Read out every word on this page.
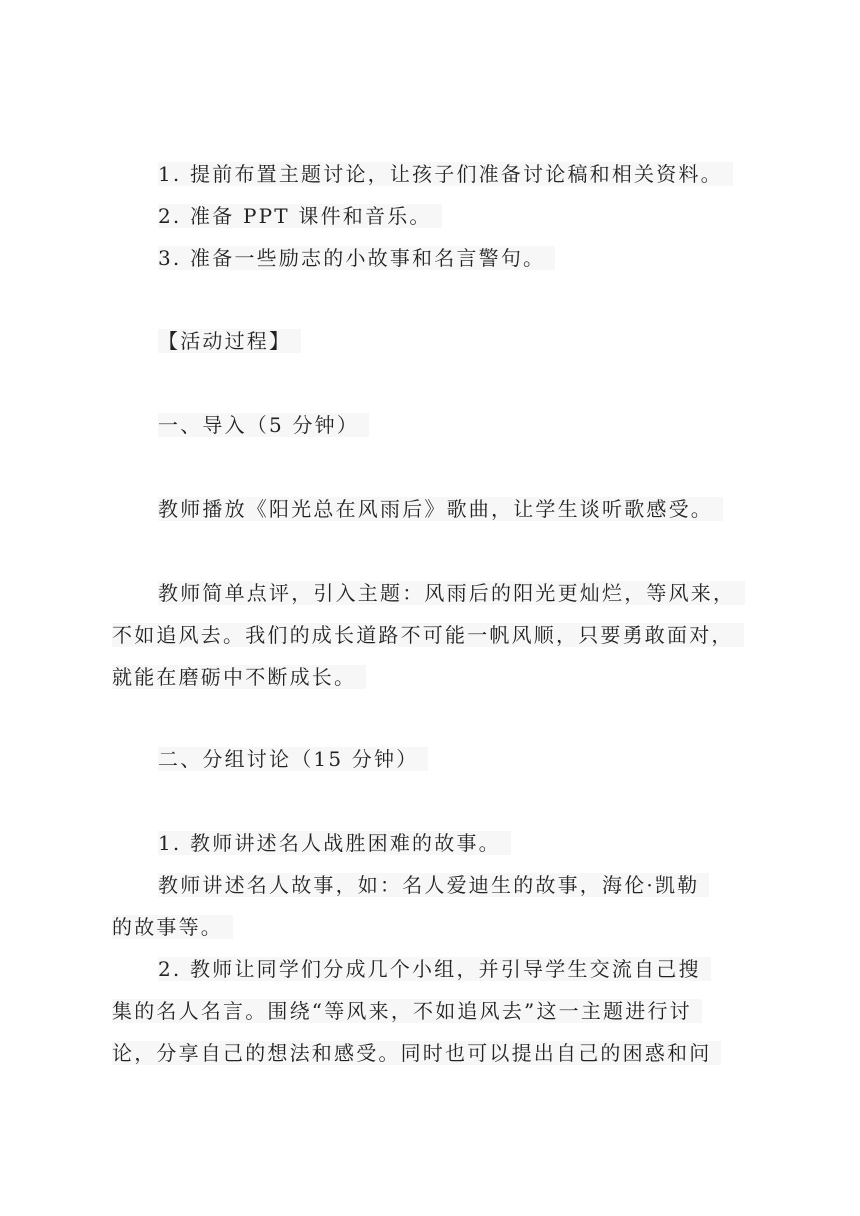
1. 提前布置主题讨论，让孩子们准备讨论稿和相关资料。
2. 准备 PPT 课件和音乐。
3. 准备一些励志的小故事和名言警句。
【活动过程】
一、导入（5 分钟）
教师播放《阳光总在风雨后》歌曲，让学生谈听歌感受。
教师简单点评，引入主题：风雨后的阳光更灿烂，等风来，
不如追风去。我们的成长道路不可能一帆风顺，只要勇敢面对，
就能在磨砺中不断成长。
二、分组讨论（15 分钟）
1. 教师讲述名人战胜困难的故事。
教师讲述名人故事，如：名人爱迪生的故事，海伦·凯勒
的故事等。
2. 教师让同学们分成几个小组，并引导学生交流自己搜
集的名人名言。围绕“等风来，不如追风去”这一主题进行讨
论，分享自己的想法和感受。同时也可以提出自己的困惑和问
